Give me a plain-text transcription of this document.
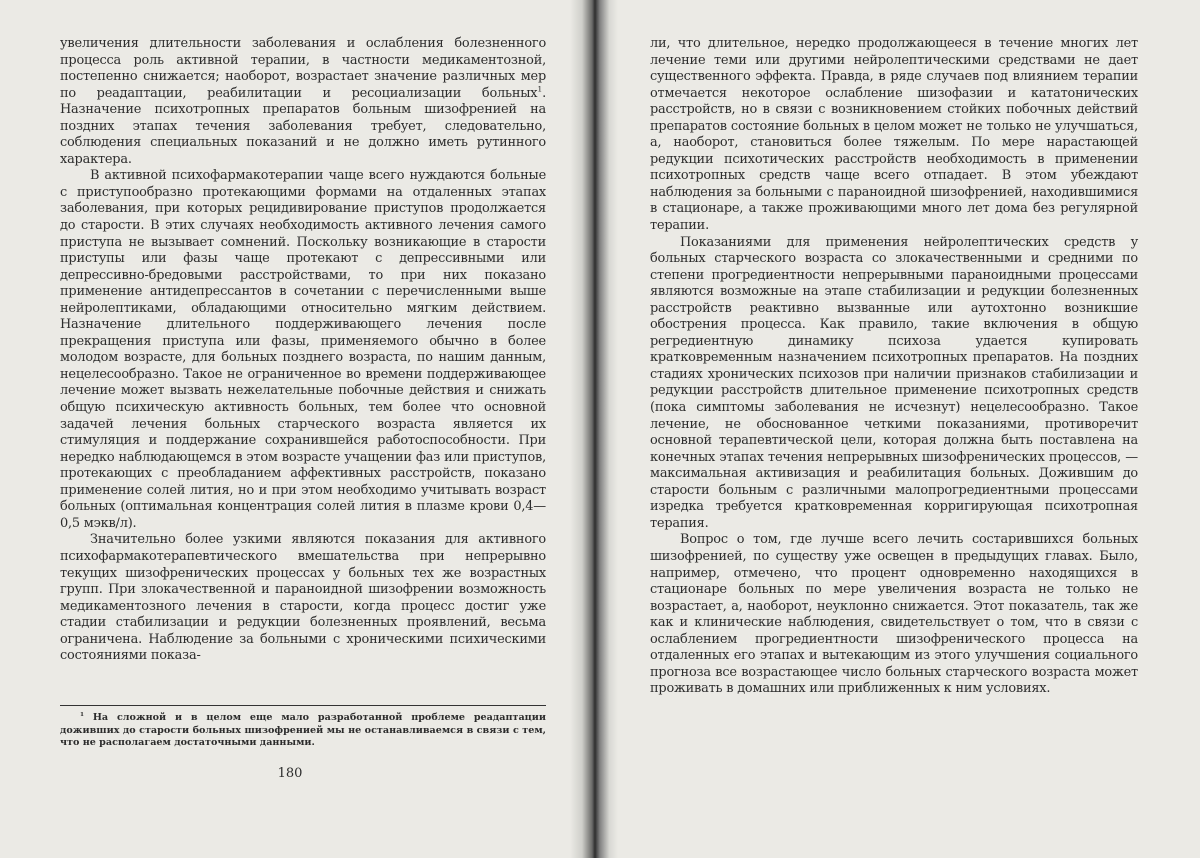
увеличения длительности заболевания и ослабления болезненного процесса роль активной терапии, в частности медикаментозной, постепенно снижается; наоборот, возрастает значение различных мер по реадаптации, реабилитации и ресоциализации больных$^1$. Назначение психотропных препаратов больным шизофренией на поздних этапах течения заболевания требует, следовательно, соблюдения специальных показаний и не должно иметь рутинного характера.

В активной психофармакотерапии чаще всего нуждаются больные с приступообразно протекающими формами на отдаленных этапах заболевания, при которых рецидивирование приступов продолжается до старости. В этих случаях необходимость активного лечения самого приступа не вызывает сомнений. Поскольку возникающие в старости приступы или фазы чаще протекают с депрессивными или депрессивно-бредовыми расстройствами, то при них показано применение антидепрессантов в сочетании с перечисленными выше нейролептиками, обладающими относительно мягким действием. Назначение длительного поддерживающего лечения после прекращения приступа или фазы, применяемого обычно в более молодом возрасте, для больных позднего возраста, по нашим данным, нецелесообразно. Такое не ограниченное во времени поддерживающее лечение может вызвать нежелательные побочные действия и снижать общую психическую активность больных, тем более что основной задачей лечения больных старческого возраста является их стимуляция и поддержание сохранившейся работоспособности. При нередко наблюдающемся в этом возрасте учащении фаз или приступов, протекающих с преобладанием аффективных расстройств, показано применение солей лития, но и при этом необходимо учитывать возраст больных (оптимальная концентрация солей лития в плазме крови 0,4—0,5 мэкв/л).

Значительно более узкими являются показания для активного психофармакотерапевтического вмешательства при непрерывно текущих шизофренических процессах у больных тех же возрастных групп. При злокачественной и параноидной шизофрении возможность медикаментозного лечения в старости, когда процесс достиг уже стадии стабилизации и редукции болезненных проявлений, весьма ограничена. Наблюдение за больными с хроническими психическими состояниями показа-

$^1$ На сложной и в целом еще мало разработанной проблеме реадаптации доживших до старости больных шизофренией мы не останавливаемся в связи с тем, что не располагаем достаточными данными.

180

ли, что длительное, нередко продолжающееся в течение многих лет лечение теми или другими нейролептическими средствами не дает существенного эффекта. Правда, в ряде случаев под влиянием терапии отмечается некоторое ослабление шизофазии и кататонических расстройств, но в связи с возникновением стойких побочных действий препаратов состояние больных в целом может не только не улучшаться, а, наоборот, становиться более тяжелым. По мере нарастающей редукции психотических расстройств необходимость в применении психотропных средств чаще всего отпадает. В этом убеждают наблюдения за больными с параноидной шизофренией, находившимися в стационаре, а также проживающими много лет дома без регулярной терапии.

Показаниями для применения нейролептических средств у больных старческого возраста со злокачественными и средними по степени прогредиентности непрерывными параноидными процессами являются возможные на этапе стабилизации и редукции болезненных расстройств реактивно вызванные или аутохтонно возникшие обострения процесса. Как правило, такие включения в общую регредиентную динамику психоза удается купировать кратковременным назначением психотропных препаратов. На поздних стадиях хронических психозов при наличии признаков стабилизации и редукции расстройств длительное применение психотропных средств (пока симптомы заболевания не исчезнут) нецелесообразно. Такое лечение, не обоснованное четкими показаниями, противоречит основной терапевтической цели, которая должна быть поставлена на конечных этапах течения непрерывных шизофренических процессов, — максимальная активизация и реабилитация больных. Дожившим до старости больным с различными малопрогредиентными процессами изредка требуется кратковременная корригирующая психотропная терапия.

Вопрос о том, где лучше всего лечить состарившихся больных шизофренией, по существу уже освещен в предыдущих главах. Было, например, отмечено, что процент одновременно находящихся в стационаре больных по мере увеличения возраста не только не возрастает, а, наоборот, неуклонно снижается. Этот показатель, так же как и клинические наблюдения, свидетельствует о том, что в связи с ослаблением прогредиентности шизофренического процесса на отдаленных его этапах и вытекающим из этого улучшения социального прогноза все возрастающее число больных старческого возраста может проживать в домашних или приближенных к ним условиях.
